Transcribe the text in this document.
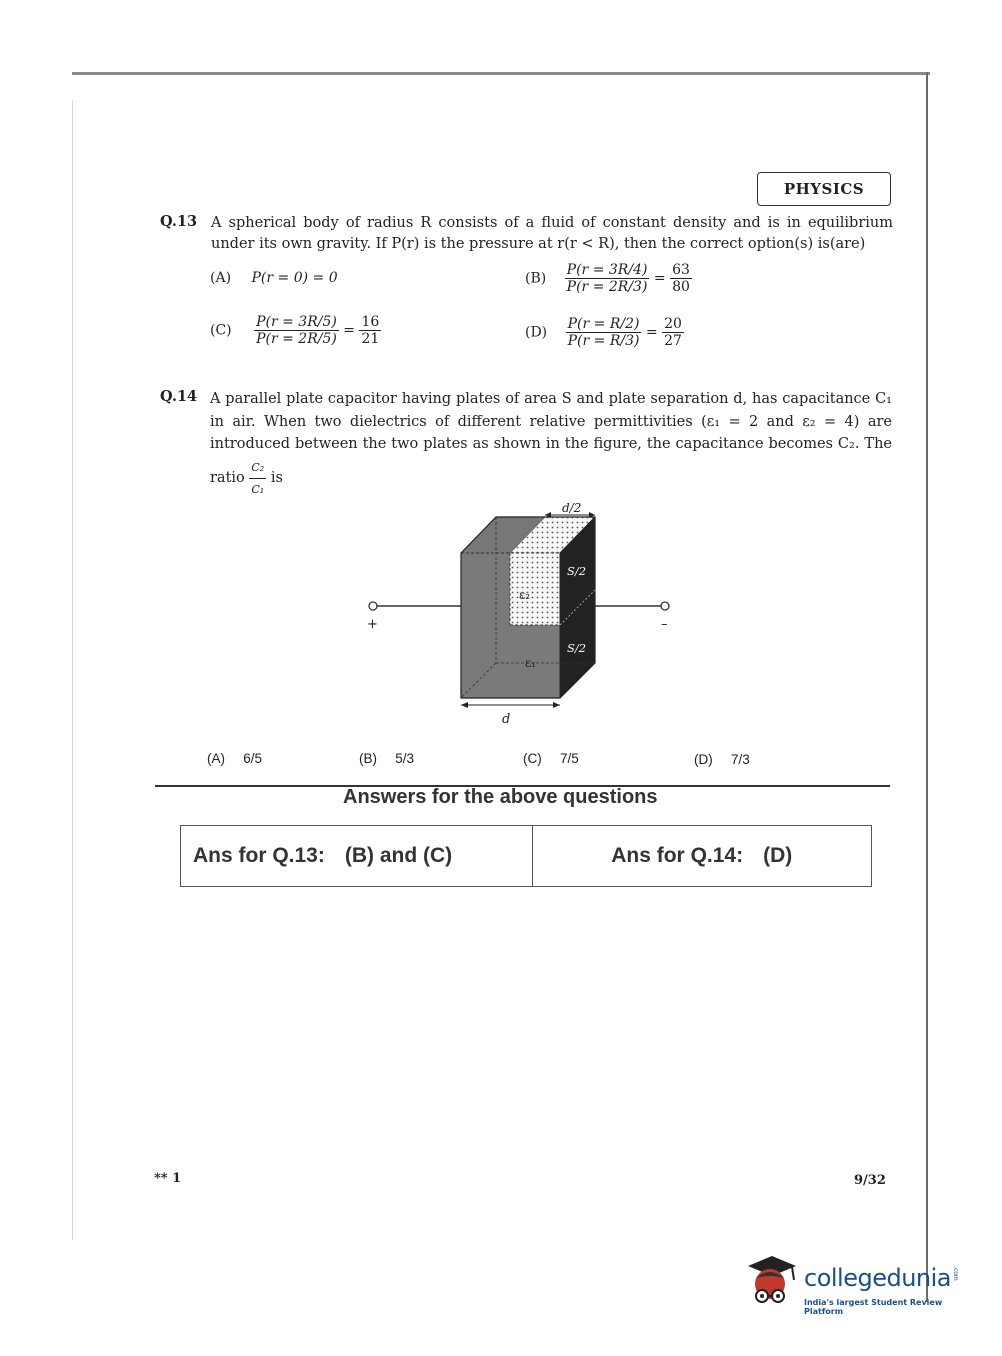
PHYSICS
Q.13 A spherical body of radius R consists of a fluid of constant density and is in equilibrium
under its own gravity. If P(r) is the pressure at r(r < R), then the correct option(s) is(are)
(A) P(r = 0) = 0	$(B) \frac{P(r = 3R/4)}{P(r = 2R/3)} = \frac{63}{80}$
$(C) \frac{P(r = 3R/5)}{P(r = 2R/5)} = \frac{16}{21}$	$(D) \frac{P(r = R/2)}{P(r = R/3)} = \frac{20}{27}$
Q.14 A parallel plate capacitor having plates of area S and plate separation d, has capacitance C₁
in air. When two dielectrics of different relative permittivities (ε₁ = 2 and ε₂ = 4) are
introduced between the two plates as shown in the figure, the capacitance becomes C₂. The
ratio $\frac{\text{C₂}}{\text{C₁}}$ is
d/2
S/2
S/2
ε₂
ε₁
+	–
d
(A) 6/5	(B) 5/3	(C) 7/5	(D) 7/3
Answers for the above questions
Ans for Q.13: (B) and (C)	Ans for Q.14: (D)
** 1	9/32
collegedunia .com
India's largest Student Review Platform
